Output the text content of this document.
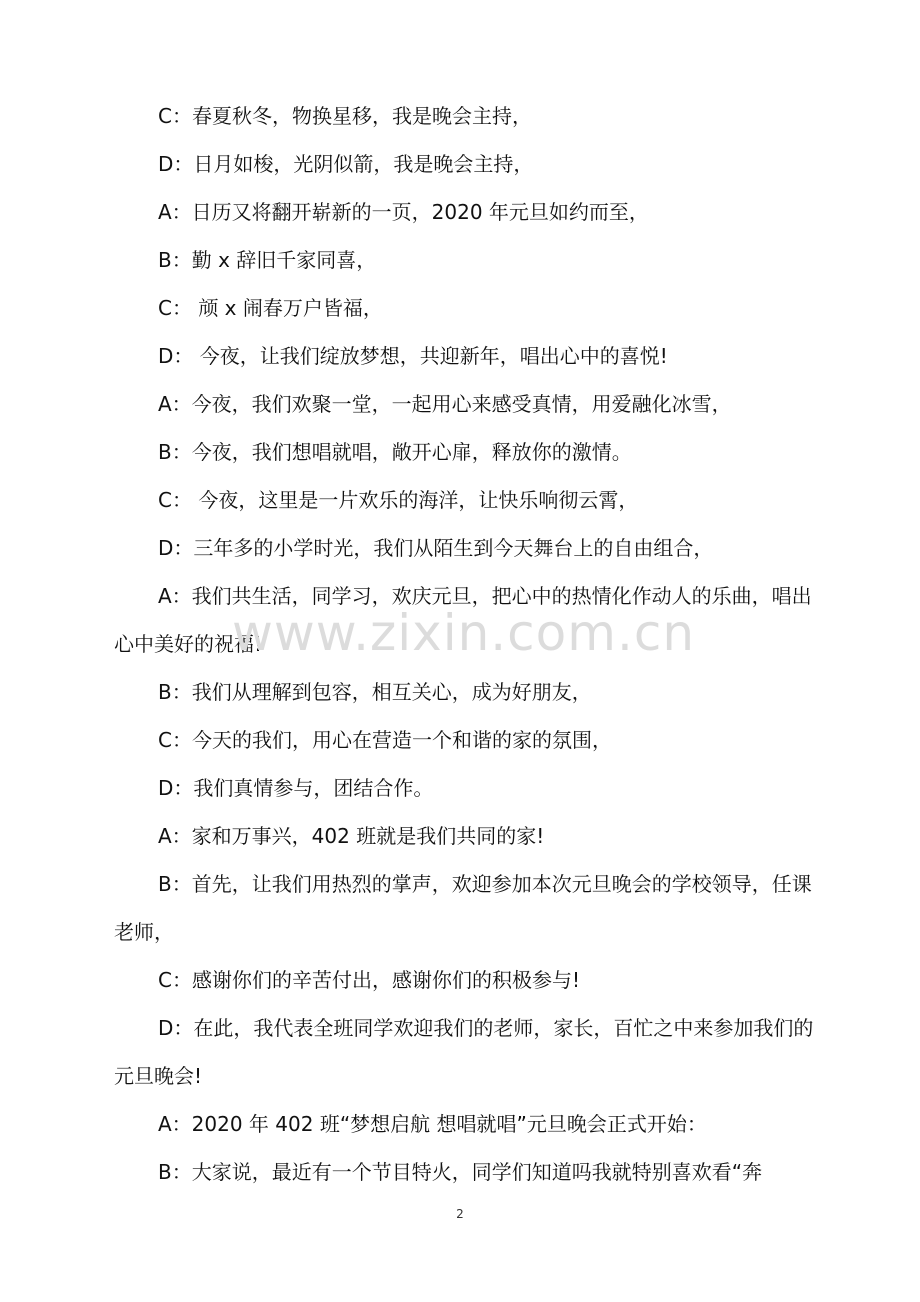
C：春夏秋冬，物换星移，我是晚会主持，

D：日月如梭，光阴似箭，我是晚会主持，

A：日历又将翻开崭新的一页，2020 年元旦如约而至，

B：勤 x 辞旧千家同喜，

C： 颃 x 闹春万户皆福，

D： 今夜，让我们绽放梦想，共迎新年，唱出心中的喜悦!

A：今夜，我们欢聚一堂，一起用心来感受真情，用爱融化冰雪，

B：今夜，我们想唱就唱，敞开心扉，释放你的激情。

C： 今夜，这里是一片欢乐的海洋，让快乐响彻云霄，

D：三年多的小学时光，我们从陌生到今天舞台上的自由组合，

A：我们共生活，同学习，欢庆元旦，把心中的热情化作动人的乐曲，唱出心中美好的祝福!

B：我们从理解到包容，相互关心，成为好朋友，

C：今天的我们，用心在营造一个和谐的家的氛围，

D：我们真情参与，团结合作。

A：家和万事兴，402 班就是我们共同的家!

B：首先，让我们用热烈的掌声，欢迎参加本次元旦晚会的学校领导，任课老师，

C：感谢你们的辛苦付出，感谢你们的积极参与!

D：在此，我代表全班同学欢迎我们的老师，家长，百忙之中来参加我们的元旦晚会!

A：2020 年 402 班“梦想启航 想唱就唱”元旦晚会正式开始：

B：大家说，最近有一个节目特火，同学们知道吗我就特别喜欢看“奔

www.zixin.com.cn
2
